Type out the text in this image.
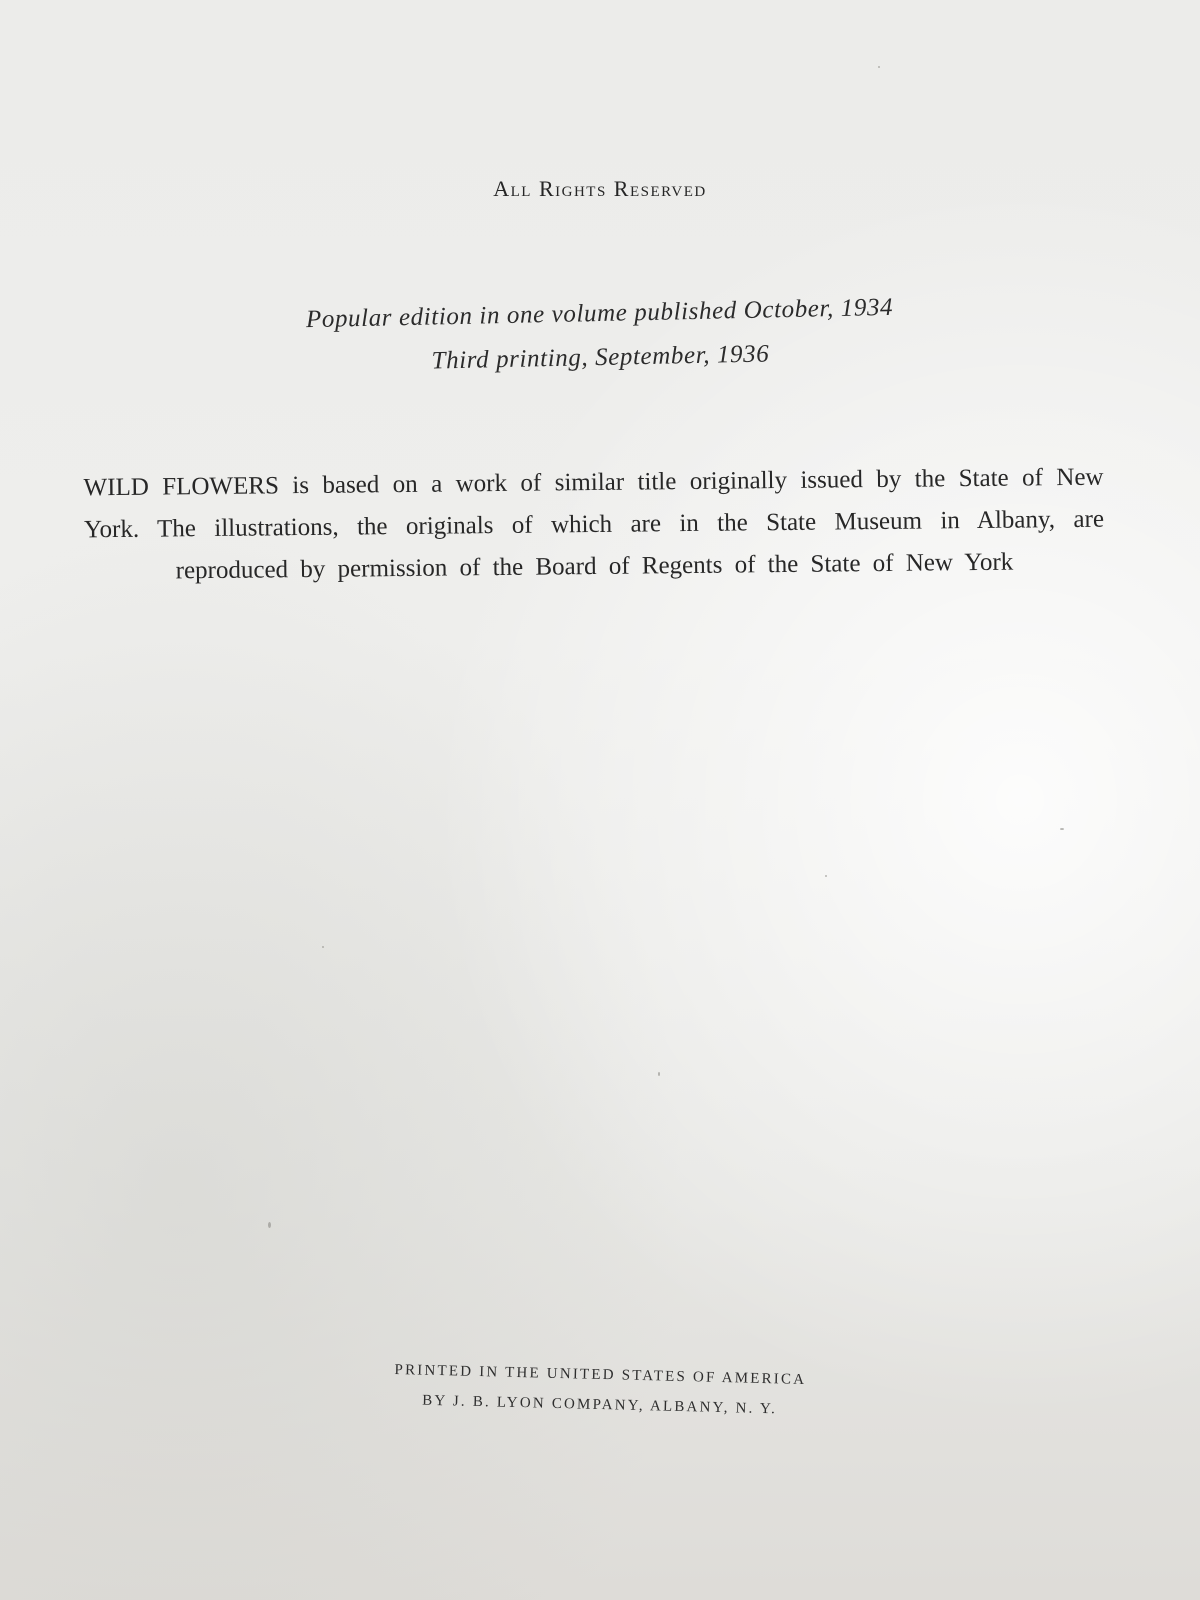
All Rights Reserved
Popular edition in one volume published October, 1934
Third printing, September, 1936
WILD FLOWERS is based on a work of similar title originally issued by the State of New York. The illustrations, the originals of which are in the State Museum in Albany, are reproduced by permission of the Board of Regents of the State of New York
PRINTED IN THE UNITED STATES OF AMERICA
BY J. B. LYON COMPANY, ALBANY, N. Y.
